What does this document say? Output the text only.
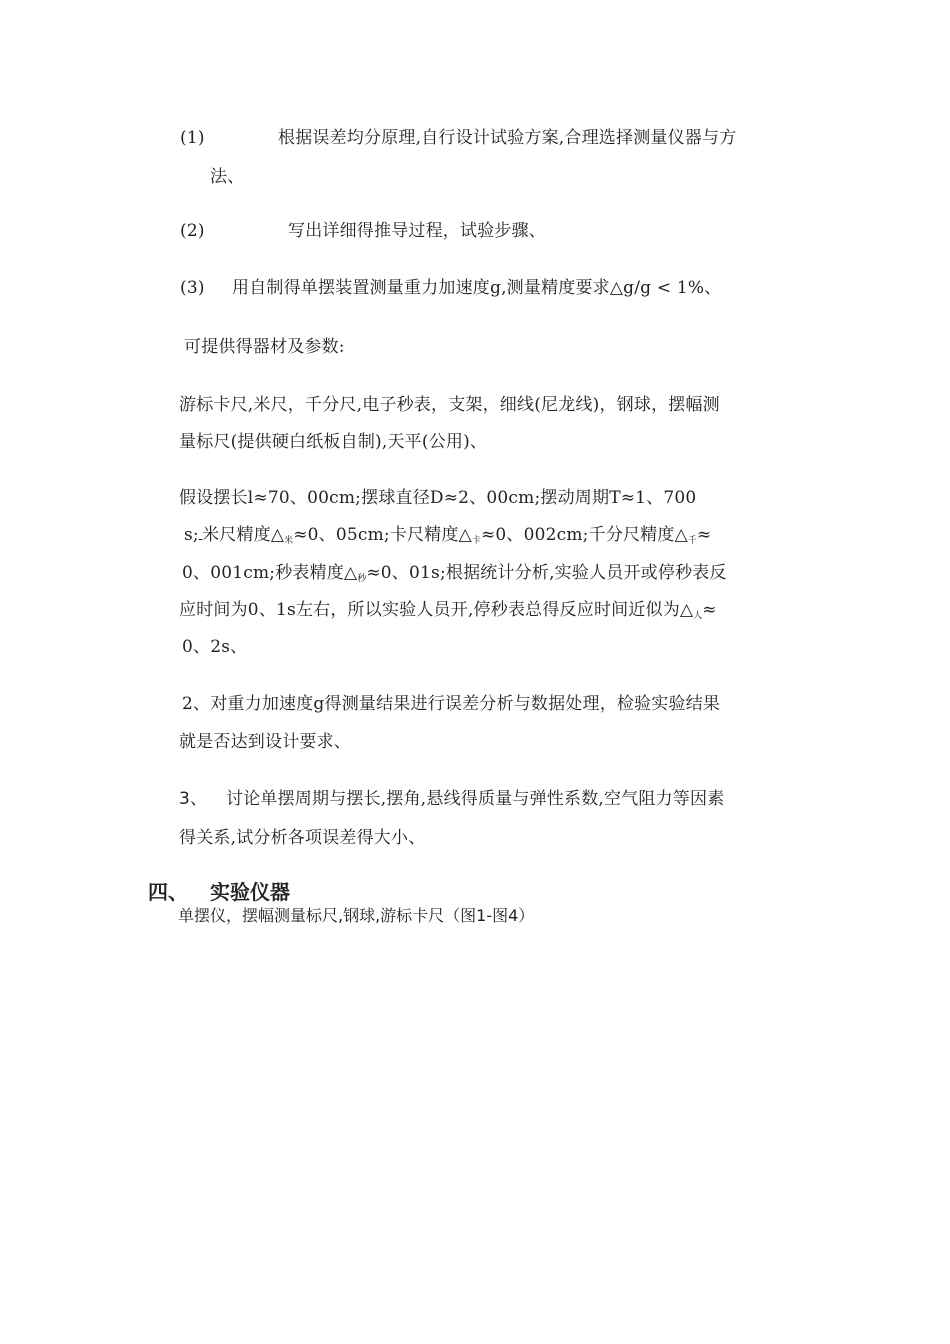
(1)	根据误差均分原理,自行设计试验方案,合理选择测量仪器与方
法、
(2)	写出详细得推导过程，试验步骤、
(3) 用自制得单摆装置测量重力加速度g,测量精度要求△g/g < 1%、
可提供得器材及参数:
游标卡尺,米尺，千分尺,电子秒表，支架，细线(尼龙线)，钢球，摆幅测
量标尺(提供硬白纸板自制),天平(公用)、
假设摆长l≈70、00cm;摆球直径D≈2、00cm;摆动周期T≈1、700
s;ـ米尺精度$\triangle_米\approx 0$、05cm;卡尺精度$\triangle_卡\approx 0$、002cm;千分尺精度$\triangle_千\approx$
0、001cm;秒表精度$\triangle_秒\approx 0$、01s;根据统计分析,实验人员开或停秒表反
应时间为0、1s左右，所以实验人员开,停秒表总得反应时间近似为$\triangle_人\approx$
0、2s、
2、对重力加速度g得测量结果进行误差分析与数据处理，检验实验结果
就是否达到设计要求、
3、 讨论单摆周期与摆长,摆角,悬线得质量与弹性系数,空气阻力等因素
得关系,试分析各项误差得大小、
四、 实验仪器
单摆仪，摆幅测量标尺,钢球,游标卡尺（图1-图4）
